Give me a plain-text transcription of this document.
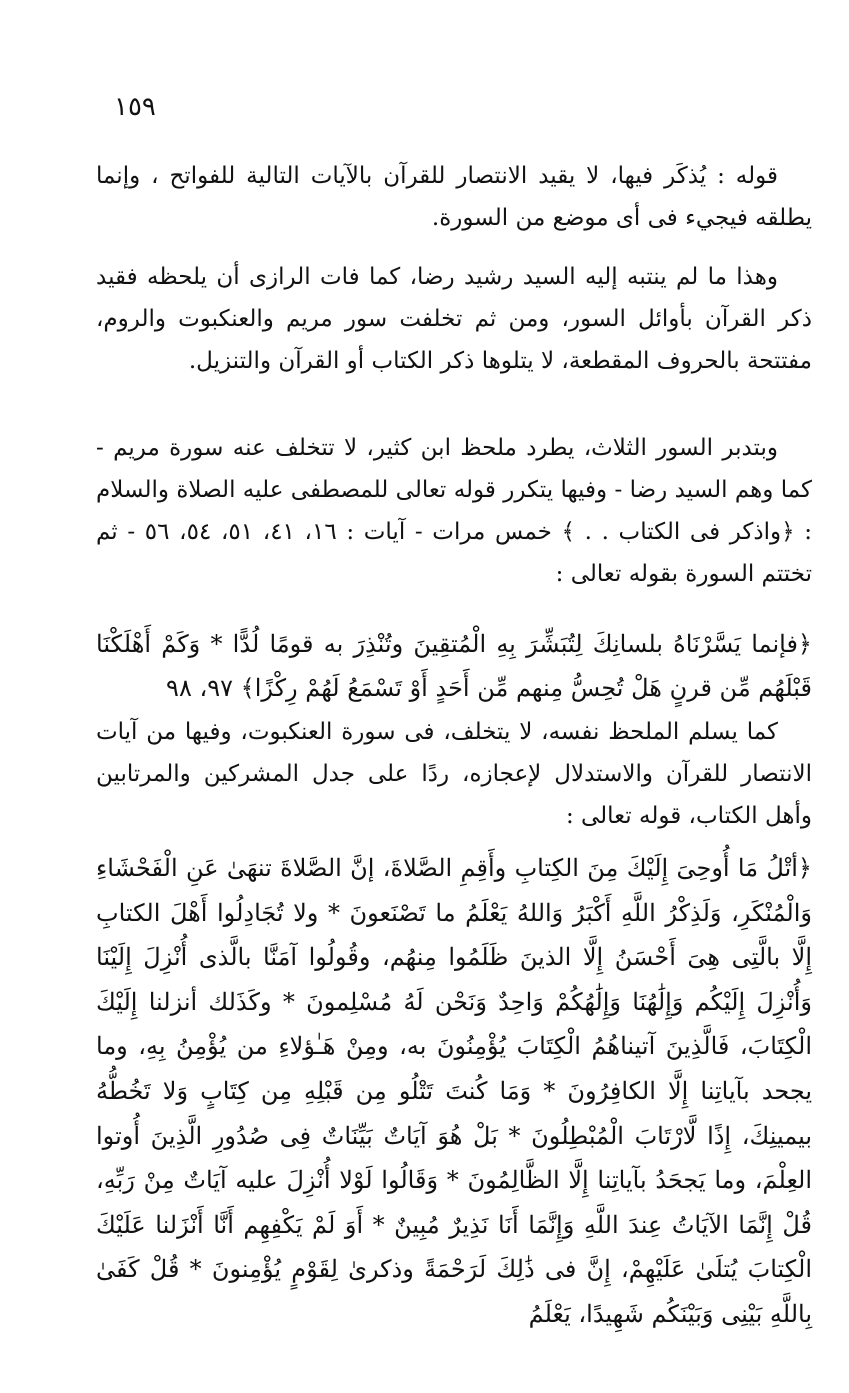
١٥٩

قوله : يُذكَر فيها، لا يقيد الانتصار للقرآن بالآيات التالية للفواتح ، وإنما يطلقه فيجيء فى أى موضع من السورة.

وهذا ما لم ينتبه إليه السيد رشيد رضا، كما فات الرازى أن يلحظه فقيد ذكر القرآن بأوائل السور، ومن ثم تخلفت سور مريم والعنكبوت والروم، مفتتحة بالحروف المقطعة، لا يتلوها ذكر الكتاب أو القرآن والتنزيل.

وبتدبر السور الثلاث، يطرد ملحظ ابن كثير، لا تتخلف عنه سورة مريم - كما وهم السيد رضا - وفيها يتكرر قوله تعالى للمصطفى عليه الصلاة والسلام : ﴿واذكر فى الكتاب . . ﴾ خمس مرات - آيات : ١٦، ٤١، ٥١، ٥٤، ٥٦ - ثم تختتم السورة بقوله تعالى :

﴿فإنما يَسَّرْنَاهُ بلسانِكَ لِتُبَشِّرَ بِهِ الْمُتقِينَ وتُنْذِرَ به قومًا لُدًّا * وَكَمْ أَهْلَكْنَا قَبْلَهُم مِّن قرنٍ هَلْ تُحِسُّ مِنهم مِّن أَحَدٍ أَوْ تَسْمَعُ لَهُمْ رِكْزًا﴾ ٩٧، ٩٨

كما يسلم الملحظ نفسه، لا يتخلف، فى سورة العنكبوت، وفيها من آيات الانتصار للقرآن والاستدلال لإعجازه، ردًا على جدل المشركين والمرتابين وأهل الكتاب، قوله تعالى :

﴿أتْلُ مَا أُوحِىَ إِلَيْكَ مِنَ الكِتابِ وأَقِمِ الصَّلاةَ، إنَّ الصَّلاةَ تنهَىٰ عَنِ الْفَحْشَاءِ وَالْمُنْكَرِ، وَلَذِكْرُ اللَّهِ أَكْبَرُ وَاللهُ يَعْلَمُ ما تَصْنَعونَ * ولا تُجَادِلُوا أَهْلَ الكتابِ إِلَّا بالَّتِى هِىَ أَحْسَنُ إِلَّا الذينَ ظَلَمُوا مِنهُم، وقُولُوا آمَنَّا بالَّذى أُنْزِلَ إِلَيْنَا وَأُنْزِلَ إِلَيْكُم وَإِلَٰهُنَا وَإِلَٰهُكُمْ وَاحِدٌ وَنَحْن لَهُ مُسْلِمونَ * وكَذَلك أنزلنا إِلَيْكَ الْكِتَابَ، فَالَّذِينَ آتيناهُمُ الْكِتَابَ يُؤْمِنُونَ به، ومِنْ هَـٰؤلاءِ من يُؤْمِنُ بِهِ، وما يجحد بآياتِنا إِلَّا الكافِرُونَ * وَمَا كُنتَ تَتْلُو مِن قَبْلِهِ مِن كِتَابٍ وَلا تَخُطُّهُ بيمينِكَ، إِذًا لَّارْتَابَ الْمُبْطِلُونَ * بَلْ هُوَ آيَاتٌ بَيِّنَاتٌ فِى صُدُورِ الَّذِينَ أُوتوا العِلْمَ، وما يَجحَدُ بآياتِنا إِلَّا الظَّالِمُونَ * وَقَالُوا لَوْلا أُنْزِلَ عليه آيَاتٌ مِنْ رَبِّهِ، قُلْ إِنَّمَا الآيَاتُ عِندَ اللَّهِ وَإِنَّمَا أَنَا نَذِيرٌ مُبِينٌ * أَوَ لَمْ يَكْفِهِم أَنَّا أَنْزَلنا عَلَيْكَ الْكِتابَ يُتلَىٰ عَلَيْهِمْ، إِنَّ فى ذَٰلِكَ لَرَحْمَةً وذكرىٰ لِقَوْمٍ يُؤْمِنونَ * قُلْ كَفَىٰ بِاللَّهِ بَيْنِى وَبَيْنَكُم شَهِيدًا، يَعْلَمُ
